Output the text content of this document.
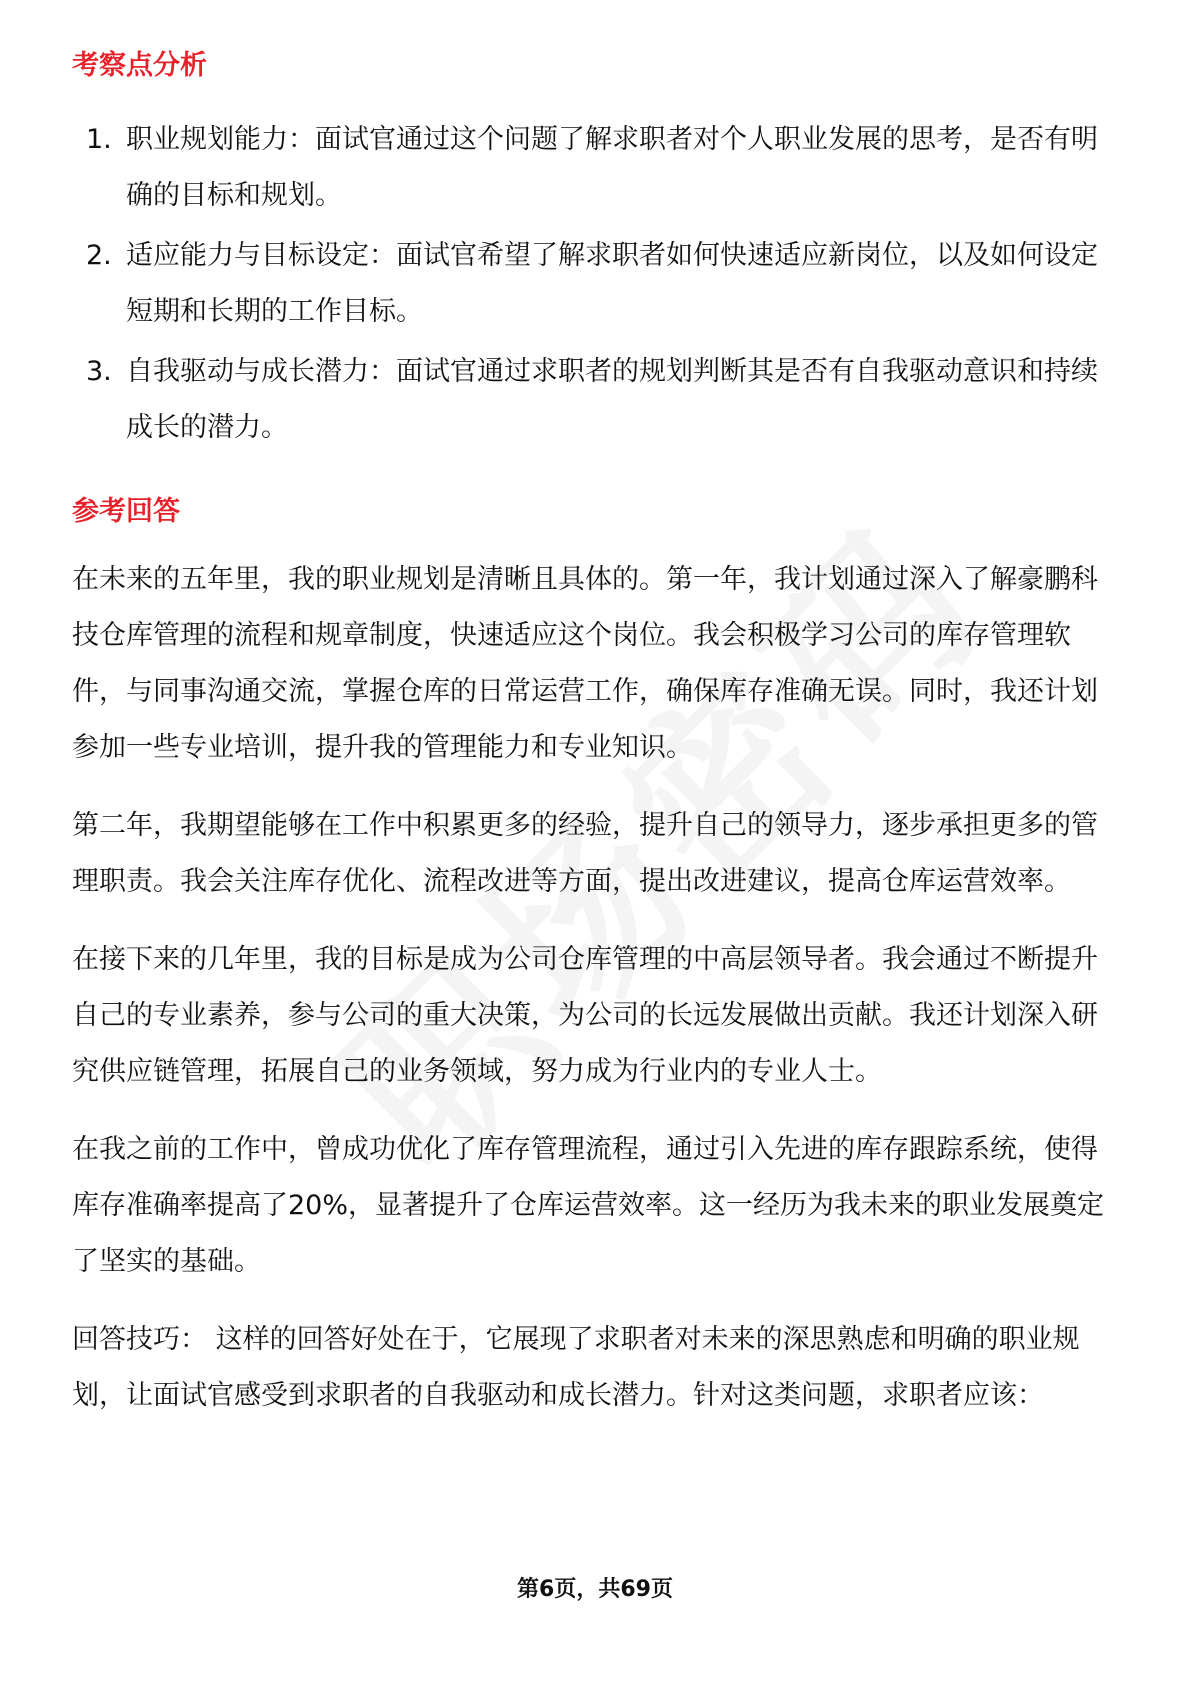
考察点分析
1. 职业规划能力：面试官通过这个问题了解求职者对个人职业发展的思考，是否有明确的目标和规划。
2. 适应能力与目标设定：面试官希望了解求职者如何快速适应新岗位，以及如何设定短期和长期的工作目标。
3. 自我驱动与成长潜力：面试官通过求职者的规划判断其是否有自我驱动意识和持续成长的潜力。
参考回答

在未来的五年里，我的职业规划是清晰且具体的。第一年，我计划通过深入了解豪鹏科技仓库管理的流程和规章制度，快速适应这个岗位。我会积极学习公司的库存管理软件，与同事沟通交流，掌握仓库的日常运营工作，确保库存准确无误。同时，我还计划参加一些专业培训，提升我的管理能力和专业知识。

第二年，我期望能够在工作中积累更多的经验，提升自己的领导力，逐步承担更多的管理职责。我会关注库存优化、流程改进等方面，提出改进建议，提高仓库运营效率。

在接下来的几年里，我的目标是成为公司仓库管理的中高层领导者。我会通过不断提升自己的专业素养，参与公司的重大决策，为公司的长远发展做出贡献。我还计划深入研究供应链管理，拓展自己的业务领域，努力成为行业内的专业人士。

在我之前的工作中，曾成功优化了库存管理流程，通过引入先进的库存跟踪系统，使得库存准确率提高了20%，显著提升了仓库运营效率。这一经历为我未来的职业发展奠定了坚实的基础。

回答技巧： 这样的回答好处在于，它展现了求职者对未来的深思熟虑和明确的职业规划，让面试官感受到求职者的自我驱动和成长潜力。针对这类问题，求职者应该：

第6页，共69页
